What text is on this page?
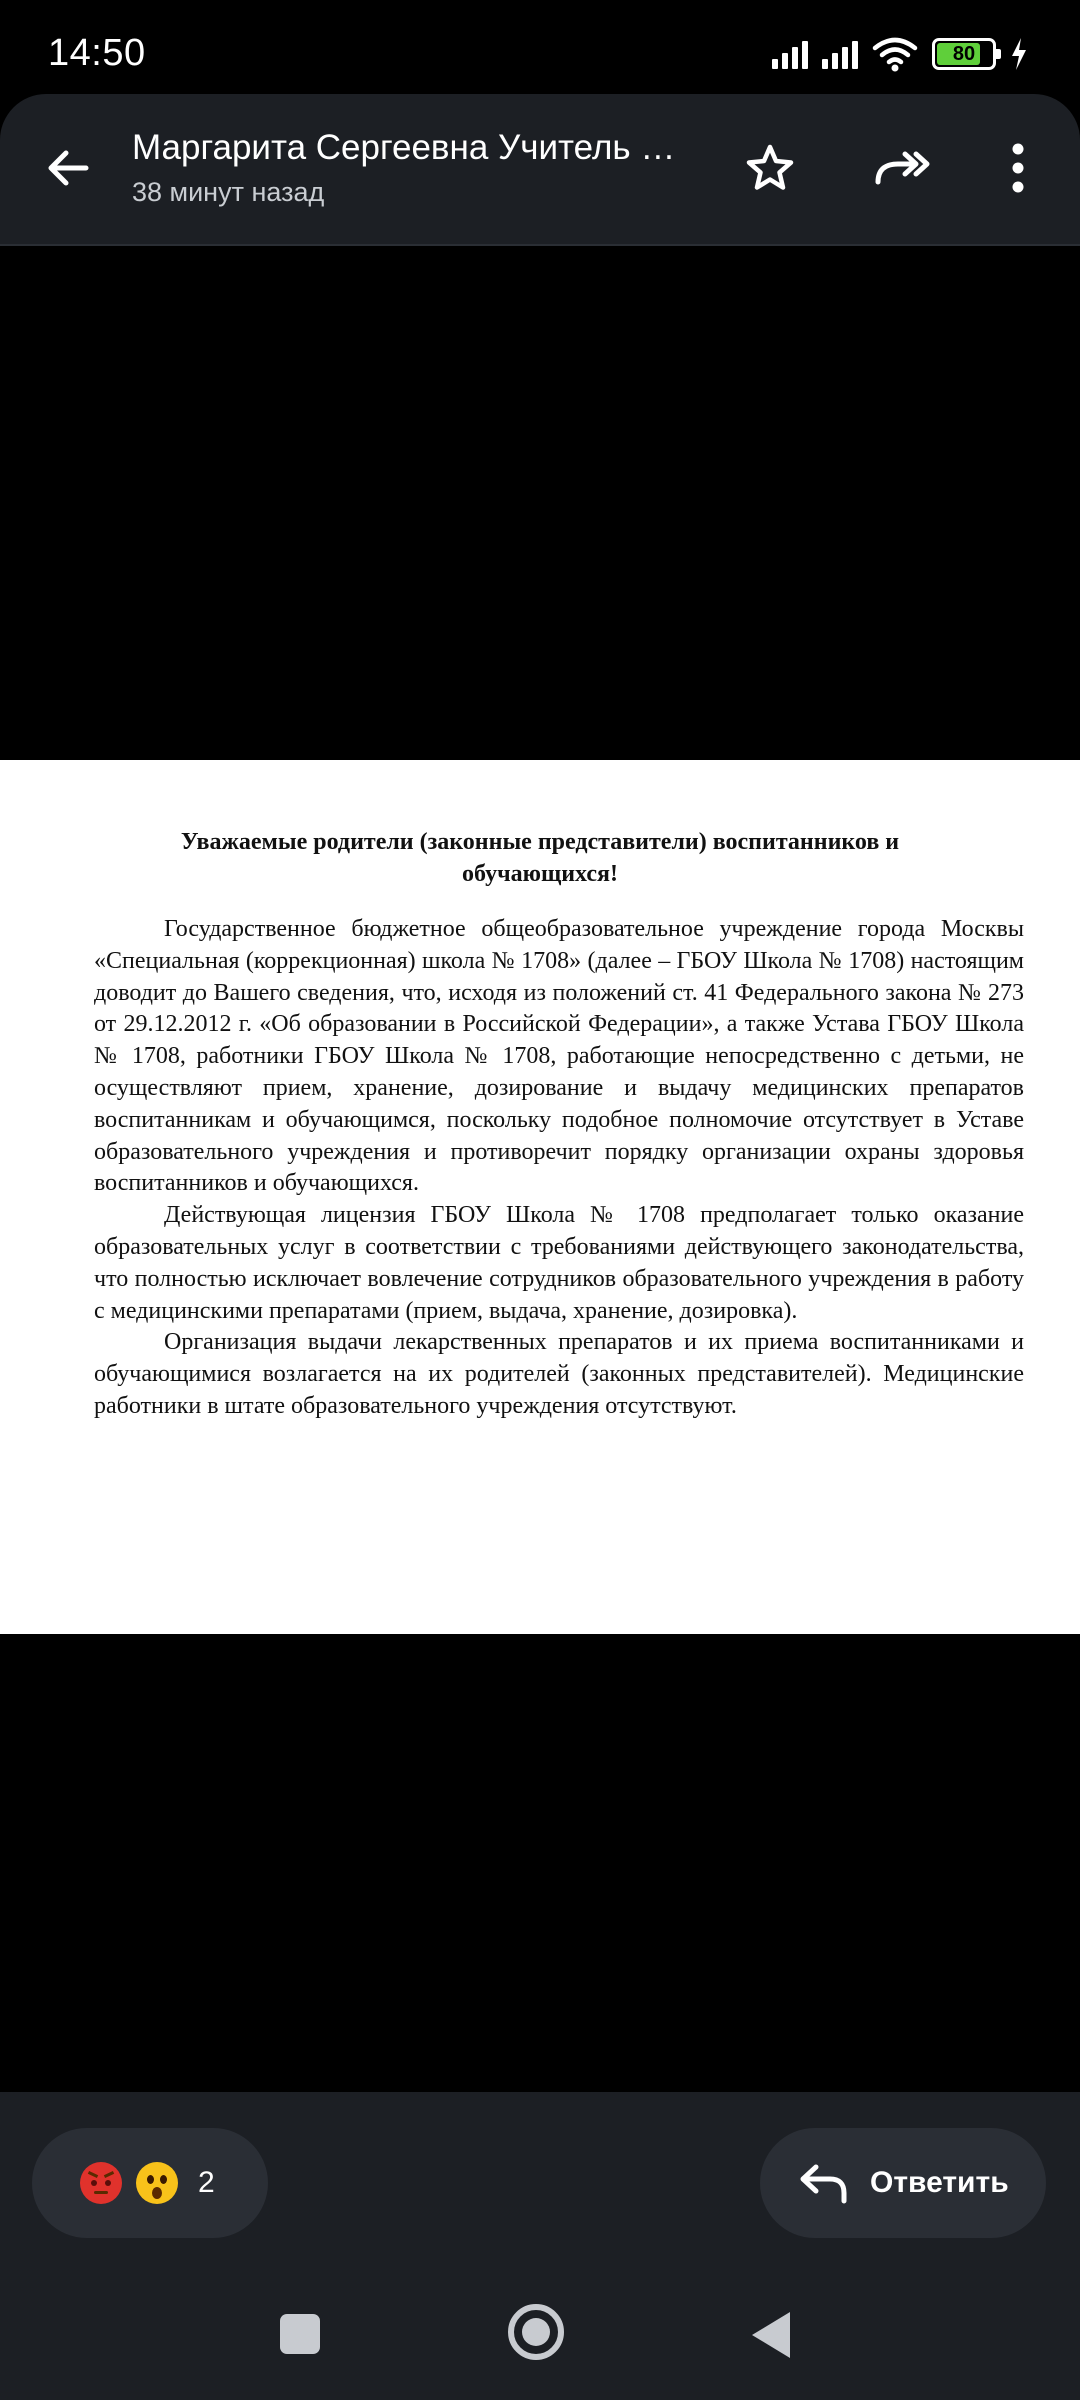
14:50	80
Маргарита Сергеевна Учитель …
38 минут назад
Уважаемые родители (законные представители) воспитанников и обучающихся!

Государственное бюджетное общеобразовательное учреждение города Москвы «Специальная (коррекционная) школа № 1708» (далее – ГБОУ Школа № 1708) настоящим доводит до Вашего сведения, что, исходя из положений ст. 41 Федерального закона № 273 от 29.12.2012 г. «Об образовании в Российской Федерации», а также Устава ГБОУ Школа № 1708, работники ГБОУ Школа № 1708, работающие непосредственно с детьми, не осуществляют прием, хранение, дозирование и выдачу медицинских препаратов воспитанникам и обучающимся, поскольку подобное полномочие отсутствует в Уставе образовательного учреждения и противоречит порядку организации охраны здоровья воспитанников и обучающихся.

Действующая лицензия ГБОУ Школа № 1708 предполагает только оказание образовательных услуг в соответствии с требованиями действующего законодательства, что полностью исключает вовлечение сотрудников образовательного учреждения в работу с медицинскими препаратами (прием, выдача, хранение, дозировка).

Организация выдачи лекарственных препаратов и их приема воспитанниками и обучающимися возлагается на их родителей (законных представителей). Медицинские работники в штате образовательного учреждения отсутствуют.

2	Ответить
